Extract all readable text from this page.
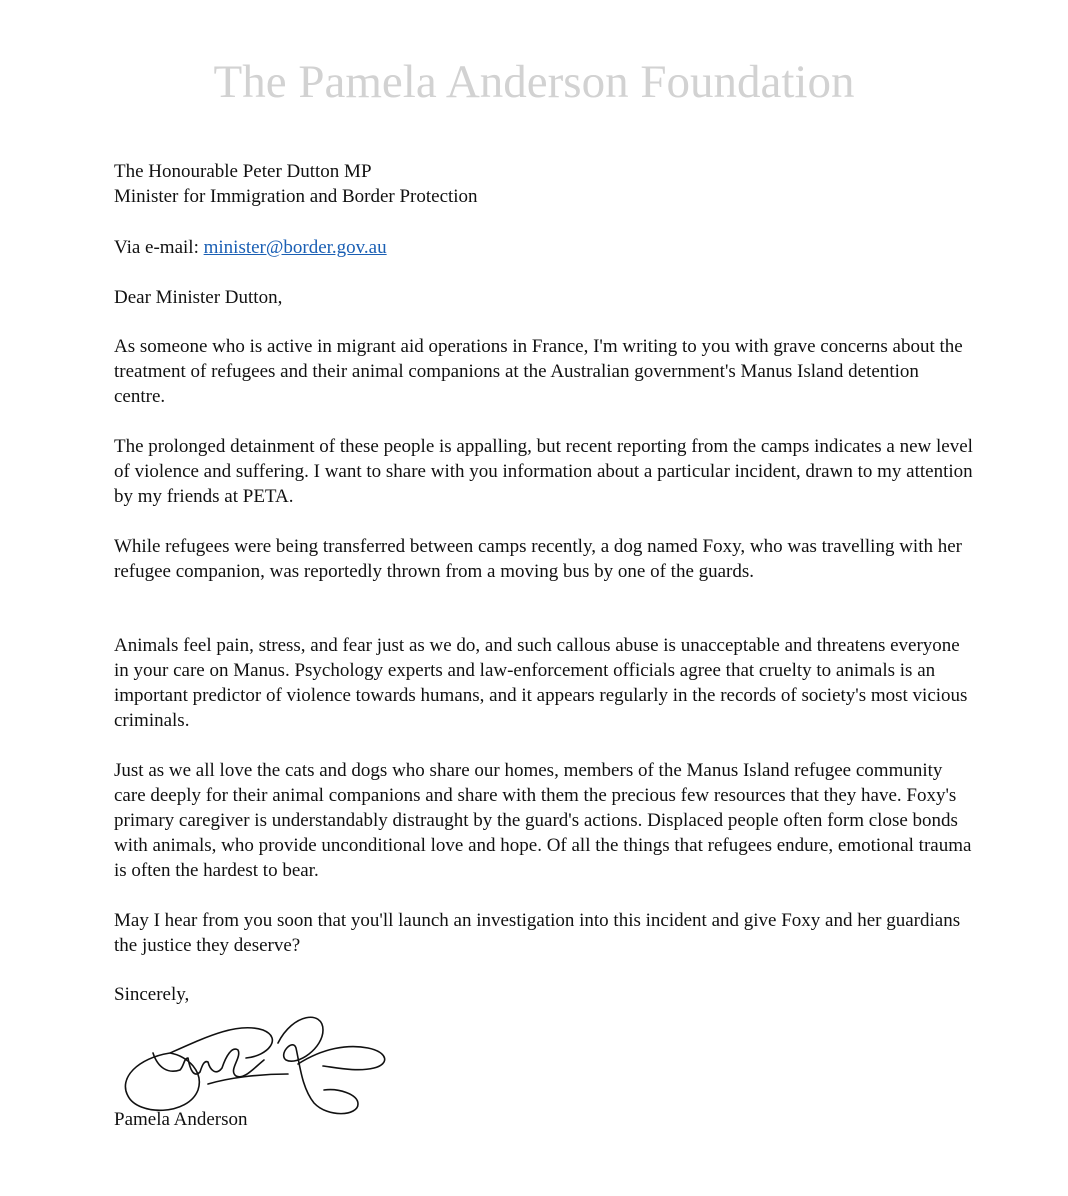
The Pamela Anderson Foundation

The Honourable Peter Dutton MP

Minister for Immigration and Border Protection

Via e-mail: minister@border.gov.au
Dear Minister Dutton,
As someone who is active in migrant aid operations in France, I'm writing to you with grave concerns about the treatment of refugees and their animal companions at the Australian government's Manus Island detention centre.
The prolonged detainment of these people is appalling, but recent reporting from the camps indicates a new level of violence and suffering. I want to share with you information about a particular incident, drawn to my attention by my friends at PETA.
While refugees were being transferred between camps recently, a dog named Foxy, who was travelling with her refugee companion, was reportedly thrown from a moving bus by one of the guards.
Animals feel pain, stress, and fear just as we do, and such callous abuse is unacceptable and threatens everyone in your care on Manus. Psychology experts and law-enforcement officials agree that cruelty to animals is an important predictor of violence towards humans, and it appears regularly in the records of society's most vicious criminals.
Just as we all love the cats and dogs who share our homes, members of the Manus Island refugee community care deeply for their animal companions and share with them the precious few resources that they have. Foxy's primary caregiver is understandably distraught by the guard's actions. Displaced people often form close bonds with animals, who provide unconditional love and hope. Of all the things that refugees endure, emotional trauma is often the hardest to bear.
May I hear from you soon that you'll launch an investigation into this incident and give Foxy and her guardians the justice they deserve?
Sincerely,
Pamela Anderson
